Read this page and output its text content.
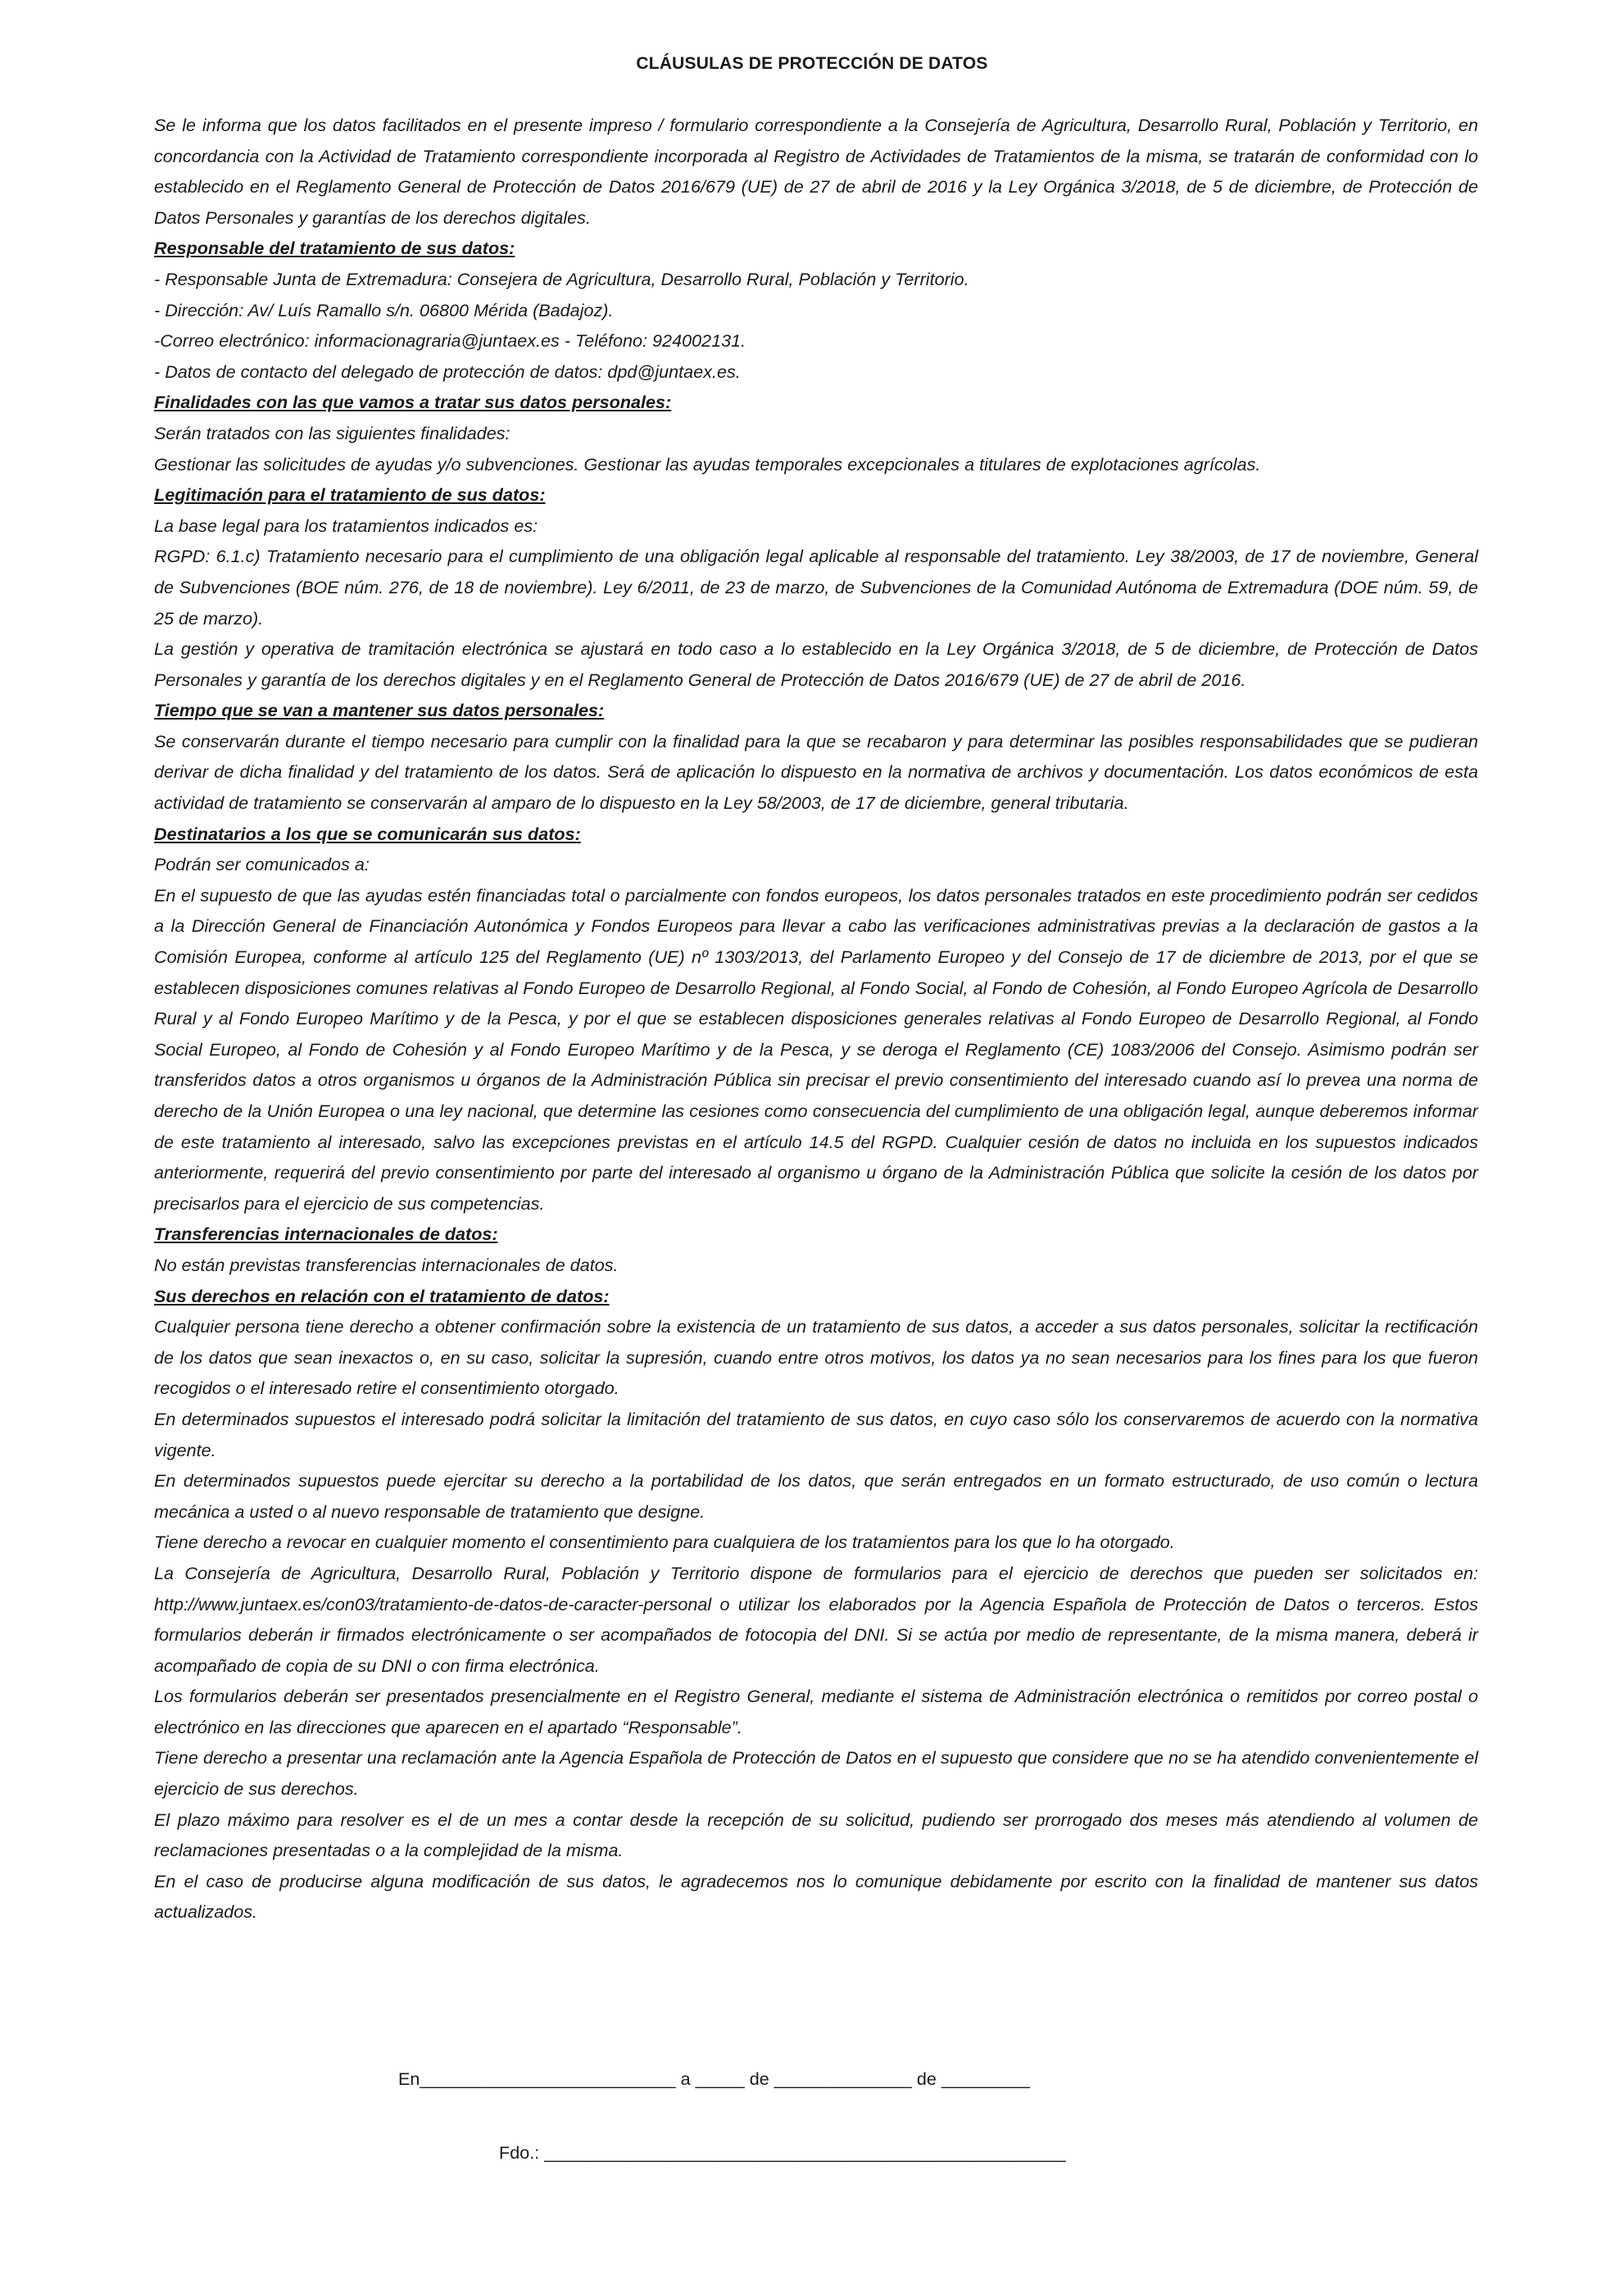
CLÁUSULAS DE PROTECCIÓN DE DATOS

Se le informa que los datos facilitados en el presente impreso / formulario correspondiente a la Consejería de Agricultura, Desarrollo Rural, Población y Territorio, en concordancia con la Actividad de Tratamiento correspondiente incorporada al Registro de Actividades de Tratamientos de la misma, se tratarán de conformidad con lo establecido en el Reglamento General de Protección de Datos 2016/679 (UE) de 27 de abril de 2016 y la Ley Orgánica 3/2018, de 5 de diciembre, de Protección de Datos Personales y garantías de los derechos digitales.

Responsable del tratamiento de sus datos:

- Responsable Junta de Extremadura: Consejera de Agricultura, Desarrollo Rural, Población y Territorio.

- Dirección: Av/ Luís Ramallo s/n. 06800 Mérida (Badajoz).

-Correo electrónico: informacionagraria@juntaex.es - Teléfono: 924002131.

- Datos de contacto del delegado de protección de datos: dpd@juntaex.es.

Finalidades con las que vamos a tratar sus datos personales:

Serán tratados con las siguientes finalidades:

Gestionar las solicitudes de ayudas y/o subvenciones. Gestionar las ayudas temporales excepcionales a titulares de explotaciones agrícolas.

Legitimación para el tratamiento de sus datos:

La base legal para los tratamientos indicados es:

RGPD: 6.1.c) Tratamiento necesario para el cumplimiento de una obligación legal aplicable al responsable del tratamiento. Ley 38/2003, de 17 de noviembre, General de Subvenciones (BOE núm. 276, de 18 de noviembre). Ley 6/2011, de 23 de marzo, de Subvenciones de la Comunidad Autónoma de Extremadura (DOE núm. 59, de 25 de marzo).

La gestión y operativa de tramitación electrónica se ajustará en todo caso a lo establecido en la Ley Orgánica 3/2018, de 5 de diciembre, de Protección de Datos Personales y garantía de los derechos digitales y en el Reglamento General de Protección de Datos 2016/679 (UE) de 27 de abril de 2016.

Tiempo que se van a mantener sus datos personales:

Se conservarán durante el tiempo necesario para cumplir con la finalidad para la que se recabaron y para determinar las posibles responsabilidades que se pudieran derivar de dicha finalidad y del tratamiento de los datos. Será de aplicación lo dispuesto en la normativa de archivos y documentación. Los datos económicos de esta actividad de tratamiento se conservarán al amparo de lo dispuesto en la Ley 58/2003, de 17 de diciembre, general tributaria.

Destinatarios a los que se comunicarán sus datos:

Podrán ser comunicados a:

En el supuesto de que las ayudas estén financiadas total o parcialmente con fondos europeos, los datos personales tratados en este procedimiento podrán ser cedidos a la Dirección General de Financiación Autonómica y Fondos Europeos para llevar a cabo las verificaciones administrativas previas a la declaración de gastos a la Comisión Europea, conforme al artículo 125 del Reglamento (UE) nº 1303/2013, del Parlamento Europeo y del Consejo de 17 de diciembre de 2013, por el que se establecen disposiciones comunes relativas al Fondo Europeo de Desarrollo Regional, al Fondo Social, al Fondo de Cohesión, al Fondo Europeo Agrícola de Desarrollo Rural y al Fondo Europeo Marítimo y de la Pesca, y por el que se establecen disposiciones generales relativas al Fondo Europeo de Desarrollo Regional, al Fondo Social Europeo, al Fondo de Cohesión y al Fondo Europeo Marítimo y de la Pesca, y se deroga el Reglamento (CE) 1083/2006 del Consejo. Asimismo podrán ser transferidos datos a otros organismos u órganos de la Administración Pública sin precisar el previo consentimiento del interesado cuando así lo prevea una norma de derecho de la Unión Europea o una ley nacional, que determine las cesiones como consecuencia del cumplimiento de una obligación legal, aunque deberemos informar de este tratamiento al interesado, salvo las excepciones previstas en el artículo 14.5 del RGPD. Cualquier cesión de datos no incluida en los supuestos indicados anteriormente, requerirá del previo consentimiento por parte del interesado al organismo u órgano de la Administración Pública que solicite la cesión de los datos por precisarlos para el ejercicio de sus competencias.

Transferencias internacionales de datos:

No están previstas transferencias internacionales de datos.

Sus derechos en relación con el tratamiento de datos:

Cualquier persona tiene derecho a obtener confirmación sobre la existencia de un tratamiento de sus datos, a acceder a sus datos personales, solicitar la rectificación de los datos que sean inexactos o, en su caso, solicitar la supresión, cuando entre otros motivos, los datos ya no sean necesarios para los fines para los que fueron recogidos o el interesado retire el consentimiento otorgado.

En determinados supuestos el interesado podrá solicitar la limitación del tratamiento de sus datos, en cuyo caso sólo los conservaremos de acuerdo con la normativa vigente.

En determinados supuestos puede ejercitar su derecho a la portabilidad de los datos, que serán entregados en un formato estructurado, de uso común o lectura mecánica a usted o al nuevo responsable de tratamiento que designe.

Tiene derecho a revocar en cualquier momento el consentimiento para cualquiera de los tratamientos para los que lo ha otorgado.

La Consejería de Agricultura, Desarrollo Rural, Población y Territorio dispone de formularios para el ejercicio de derechos que pueden ser solicitados en: http://www.juntaex.es/con03/tratamiento-de-datos-de-caracter-personal o utilizar los elaborados por la Agencia Española de Protección de Datos o terceros. Estos formularios deberán ir firmados electrónicamente o ser acompañados de fotocopia del DNI. Si se actúa por medio de representante, de la misma manera, deberá ir acompañado de copia de su DNI o con firma electrónica.

Los formularios deberán ser presentados presencialmente en el Registro General, mediante el sistema de Administración electrónica o remitidos por correo postal o electrónico en las direcciones que aparecen en el apartado “Responsable”.

Tiene derecho a presentar una reclamación ante la Agencia Española de Protección de Datos en el supuesto que considere que no se ha atendido convenientemente el ejercicio de sus derechos.

El plazo máximo para resolver es el de un mes a contar desde la recepción de su solicitud, pudiendo ser prorrogado dos meses más atendiendo al volumen de reclamaciones presentadas o a la complejidad de la misma.

En el caso de producirse alguna modificación de sus datos, le agradecemos nos lo comunique debidamente por escrito con la finalidad de mantener sus datos actualizados.

En__________________________ a _____ de ______________ de _________
Fdo.: _____________________________________________________
